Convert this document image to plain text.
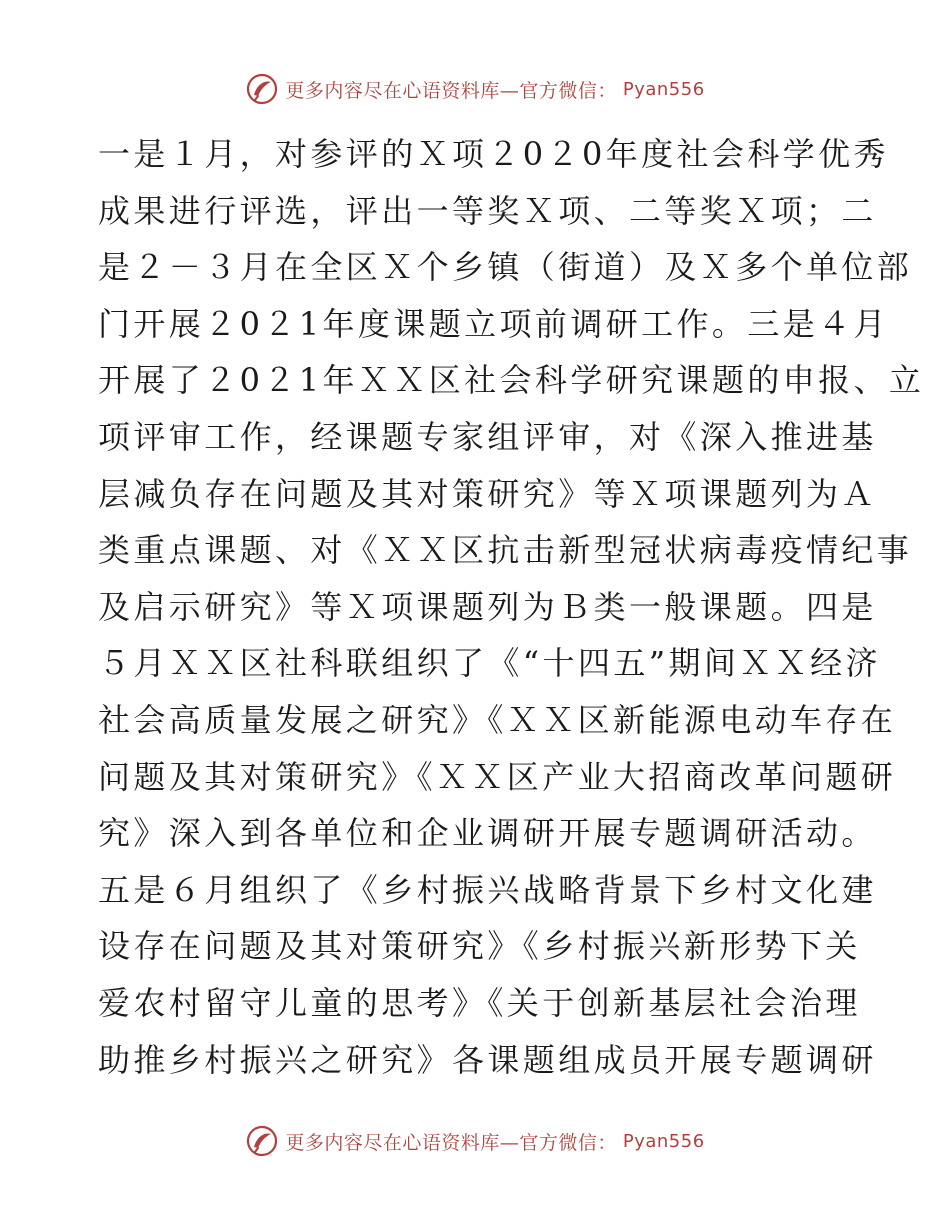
更多内容尽在心语资料库—官方微信： Pyan556
一是１月，对参评的Ｘ项２0２0年度社会科学优秀
成果进行评选，评出一等奖Ｘ项、二等奖Ｘ项；二
是２－３月在全区Ｘ个乡镇（街道）及Ｘ多个单位部
门开展２0２1年度课题立项前调研工作。三是４月
开展了２0２1年ＸＸ区社会科学研究课题的申报、立
项评审工作，经课题专家组评审，对《深入推进基
层减负存在问题及其对策研究》等Ｘ项课题列为Ａ
类重点课题、对《ＸＸ区抗击新型冠状病毒疫情纪事
及启示研究》等Ｘ项课题列为Ｂ类一般课题。四是
５月ＸＸ区社科联组织了《“十四五”期间ＸＸ经济
社会高质量发展之研究》《ＸＸ区新能源电动车存在
问题及其对策研究》《ＸＸ区产业大招商改革问题研
究》深入到各单位和企业调研开展专题调研活动。
五是６月组织了《乡村振兴战略背景下乡村文化建
设存在问题及其对策研究》《乡村振兴新形势下关
爱农村留守儿童的思考》《关于创新基层社会治理
助推乡村振兴之研究》各课题组成员开展专题调研
更多内容尽在心语资料库—官方微信： Pyan556
